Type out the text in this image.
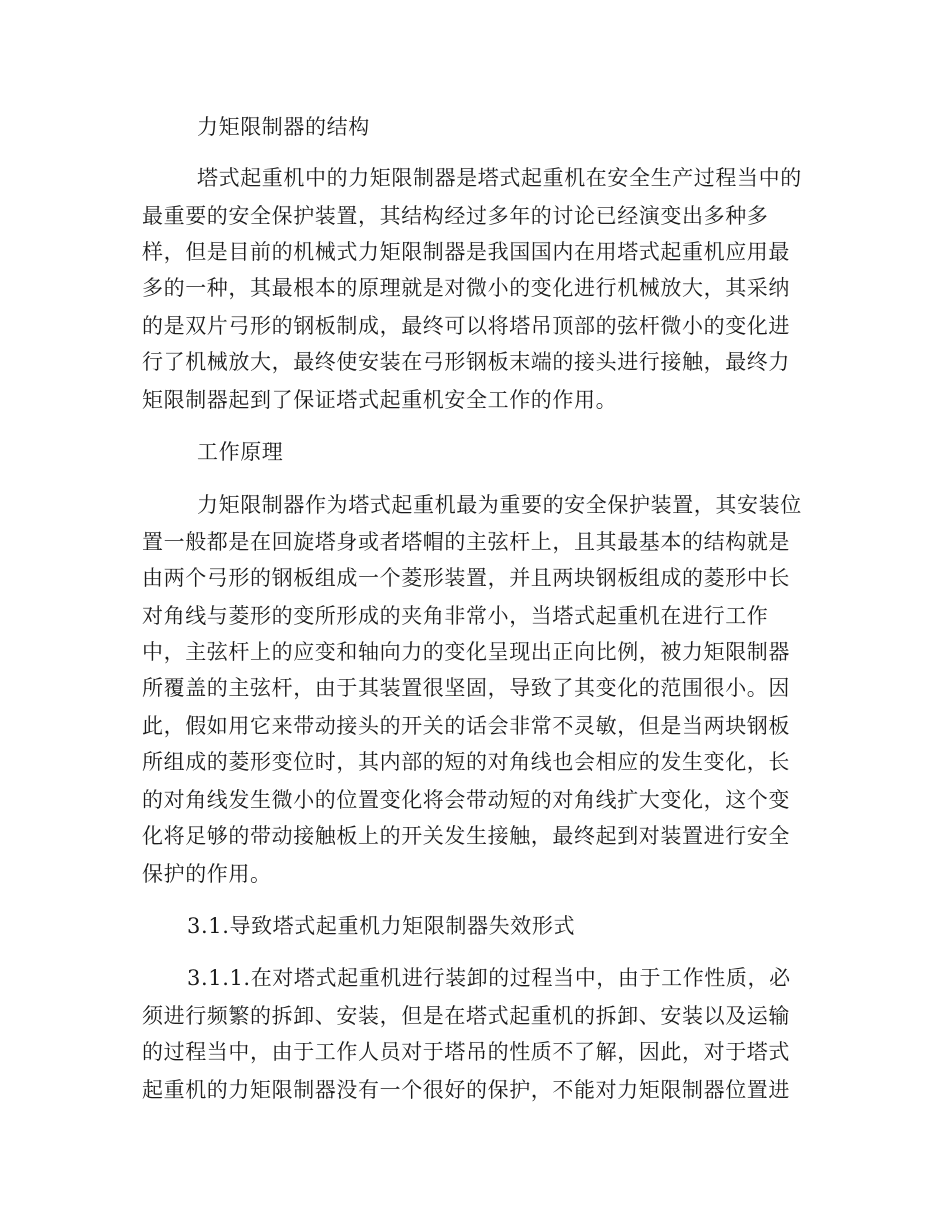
力矩限制器的结构
塔式起重机中的力矩限制器是塔式起重机在安全生产过程当中的
最重要的安全保护装置，其结构经过多年的讨论已经演变出多种多
样，但是目前的机械式力矩限制器是我国国内在用塔式起重机应用最
多的一种，其最根本的原理就是对微小的变化进行机械放大，其采纳
的是双片弓形的钢板制成，最终可以将塔吊顶部的弦杆微小的变化进
行了机械放大，最终使安装在弓形钢板末端的接头进行接触，最终力
矩限制器起到了保证塔式起重机安全工作的作用。
工作原理
力矩限制器作为塔式起重机最为重要的安全保护装置，其安装位
置一般都是在回旋塔身或者塔帽的主弦杆上，且其最基本的结构就是
由两个弓形的钢板组成一个菱形装置，并且两块钢板组成的菱形中长
对角线与菱形的变所形成的夹角非常小，当塔式起重机在进行工作
中，主弦杆上的应变和轴向力的变化呈现出正向比例，被力矩限制器
所覆盖的主弦杆，由于其装置很坚固，导致了其变化的范围很小。因
此，假如用它来带动接头的开关的话会非常不灵敏，但是当两块钢板
所组成的菱形变位时，其内部的短的对角线也会相应的发生变化，长
的对角线发生微小的位置变化将会带动短的对角线扩大变化，这个变
化将足够的带动接触板上的开关发生接触，最终起到对装置进行安全
保护的作用。
3.1.导致塔式起重机力矩限制器失效形式
3.1.1.在对塔式起重机进行装卸的过程当中，由于工作性质，必
须进行频繁的拆卸、安装，但是在塔式起重机的拆卸、安装以及运输
的过程当中，由于工作人员对于塔吊的性质不了解，因此，对于塔式
起重机的力矩限制器没有一个很好的保护，不能对力矩限制器位置进
